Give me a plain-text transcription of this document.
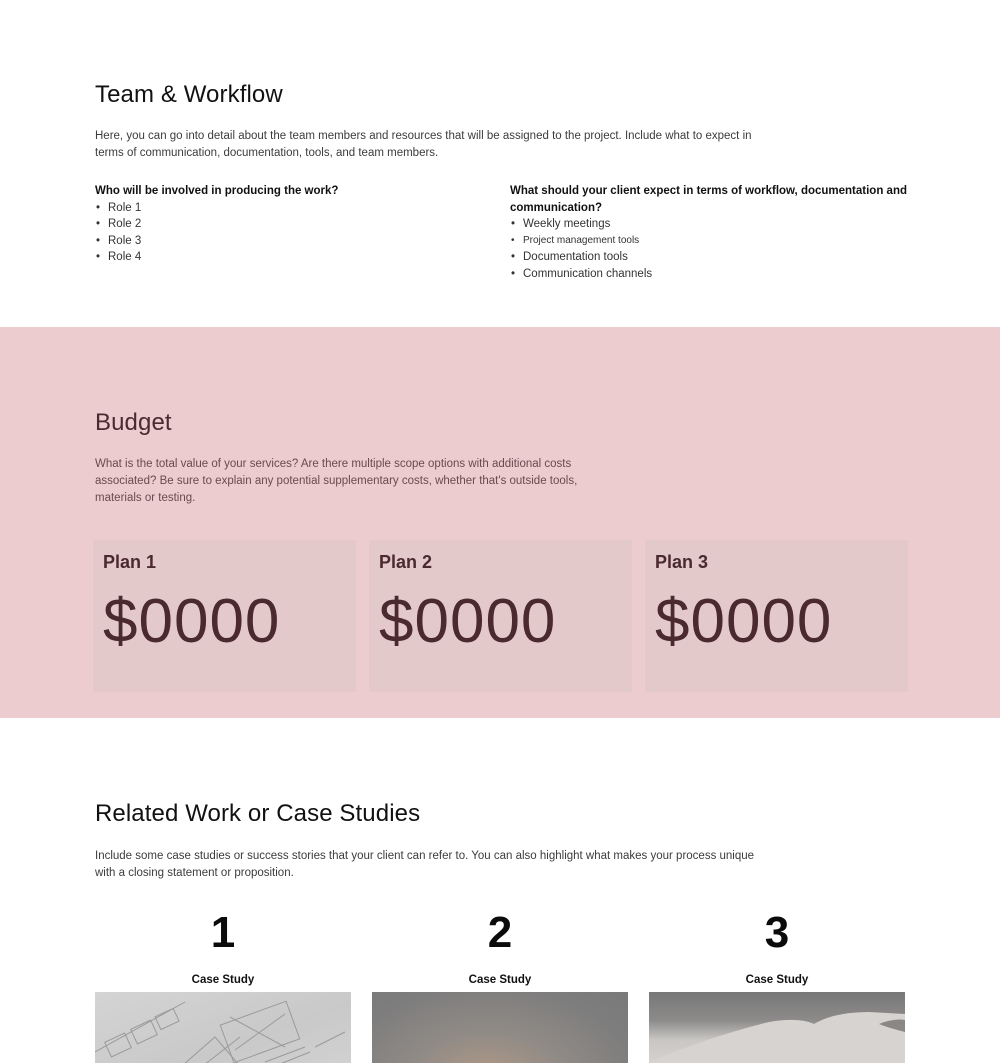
Team & Workflow

Here, you can go into detail about the team members and resources that will be assigned to the project. Include what to expect in terms of communication, documentation, tools, and team members.

Who will be involved in producing the work?
• Role 1
• Role 2
• Role 3
• Role 4
What should your client expect in terms of workflow, documentation and communication?
• Weekly meetings
• Project management tools
• Documentation tools
• Communication channels
Budget

What is the total value of your services? Are there multiple scope options with additional costs associated? Be sure to explain any potential supplementary costs, whether that's outside tools, materials or testing.

Plan 1
$0000
Plan 2
$0000
Plan 3
$0000
Related Work or Case Studies

Include some case studies or success stories that your client can refer to. You can also highlight what makes your process unique with a closing statement or proposition.

1
Case Study
2
Case Study
3
Case Study
